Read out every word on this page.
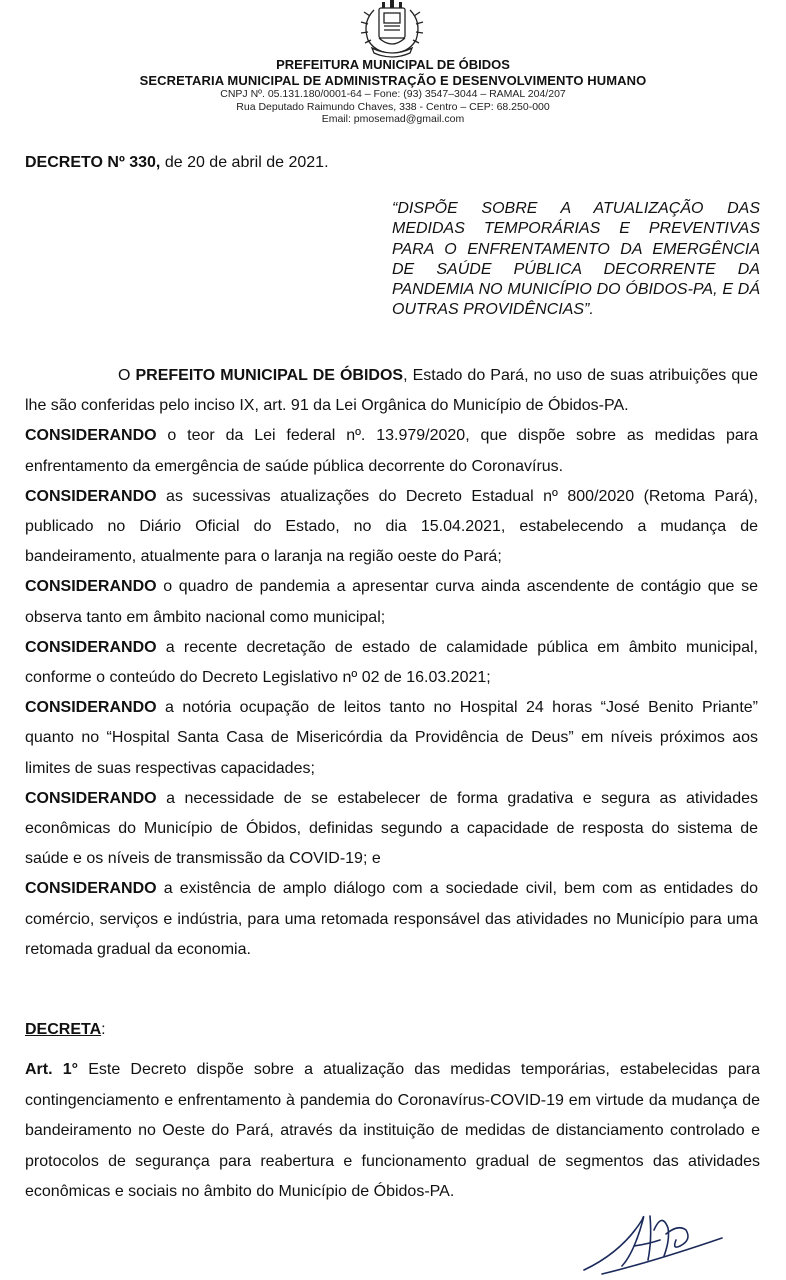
PREFEITURA MUNICIPAL DE ÓBIDOS
SECRETARIA MUNICIPAL DE ADMINISTRAÇÃO E DESENVOLVIMENTO HUMANO
CNPJ Nº. 05.131.180/0001-64 – Fone: (93) 3547–3044 – RAMAL 204/207
Rua Deputado Raimundo Chaves, 338 - Centro – CEP: 68.250-000
Email: pmosemad@gmail.com
DECRETO Nº 330, de 20 de abril de 2021.
“DISPÕE SOBRE A ATUALIZAÇÃO DAS MEDIDAS TEMPORÁRIAS E PREVENTIVAS PARA O ENFRENTAMENTO DA EMERGÊNCIA DE SAÚDE PÚBLICA DECORRENTE DA PANDEMIA NO MUNICÍPIO DO ÓBIDOS-PA, E DÁ OUTRAS PROVIDÊNCIAS”.

O PREFEITO MUNICIPAL DE ÓBIDOS, Estado do Pará, no uso de suas atribuições que lhe são conferidas pelo inciso IX, art. 91 da Lei Orgânica do Município de Óbidos-PA.

CONSIDERANDO o teor da Lei federal nº. 13.979/2020, que dispõe sobre as medidas para enfrentamento da emergência de saúde pública decorrente do Coronavírus.

CONSIDERANDO as sucessivas atualizações do Decreto Estadual nº 800/2020 (Retoma Pará), publicado no Diário Oficial do Estado, no dia 15.04.2021, estabelecendo a mudança de bandeiramento, atualmente para o laranja na região oeste do Pará;

CONSIDERANDO o quadro de pandemia a apresentar curva ainda ascendente de contágio que se observa tanto em âmbito nacional como municipal;

CONSIDERANDO a recente decretação de estado de calamidade pública em âmbito municipal, conforme o conteúdo do Decreto Legislativo nº 02 de 16.03.2021;

CONSIDERANDO a notória ocupação de leitos tanto no Hospital 24 horas “José Benito Priante” quanto no “Hospital Santa Casa de Misericórdia da Providência de Deus” em níveis próximos aos limites de suas respectivas capacidades;

CONSIDERANDO a necessidade de se estabelecer de forma gradativa e segura as atividades econômicas do Município de Óbidos, definidas segundo a capacidade de resposta do sistema de saúde e os níveis de transmissão da COVID-19; e

CONSIDERANDO a existência de amplo diálogo com a sociedade civil, bem com as entidades do comércio, serviços e indústria, para uma retomada responsável das atividades no Município para uma retomada gradual da economia.

DECRETA:

Art. 1° Este Decreto dispõe sobre a atualização das medidas temporárias, estabelecidas para contingenciamento e enfrentamento à pandemia do Coronavírus-COVID-19 em virtude da mudança de bandeiramento no Oeste do Pará, através da instituição de medidas de distanciamento controlado e protocolos de segurança para reabertura e funcionamento gradual de segmentos das atividades econômicas e sociais no âmbito do Município de Óbidos-PA.
